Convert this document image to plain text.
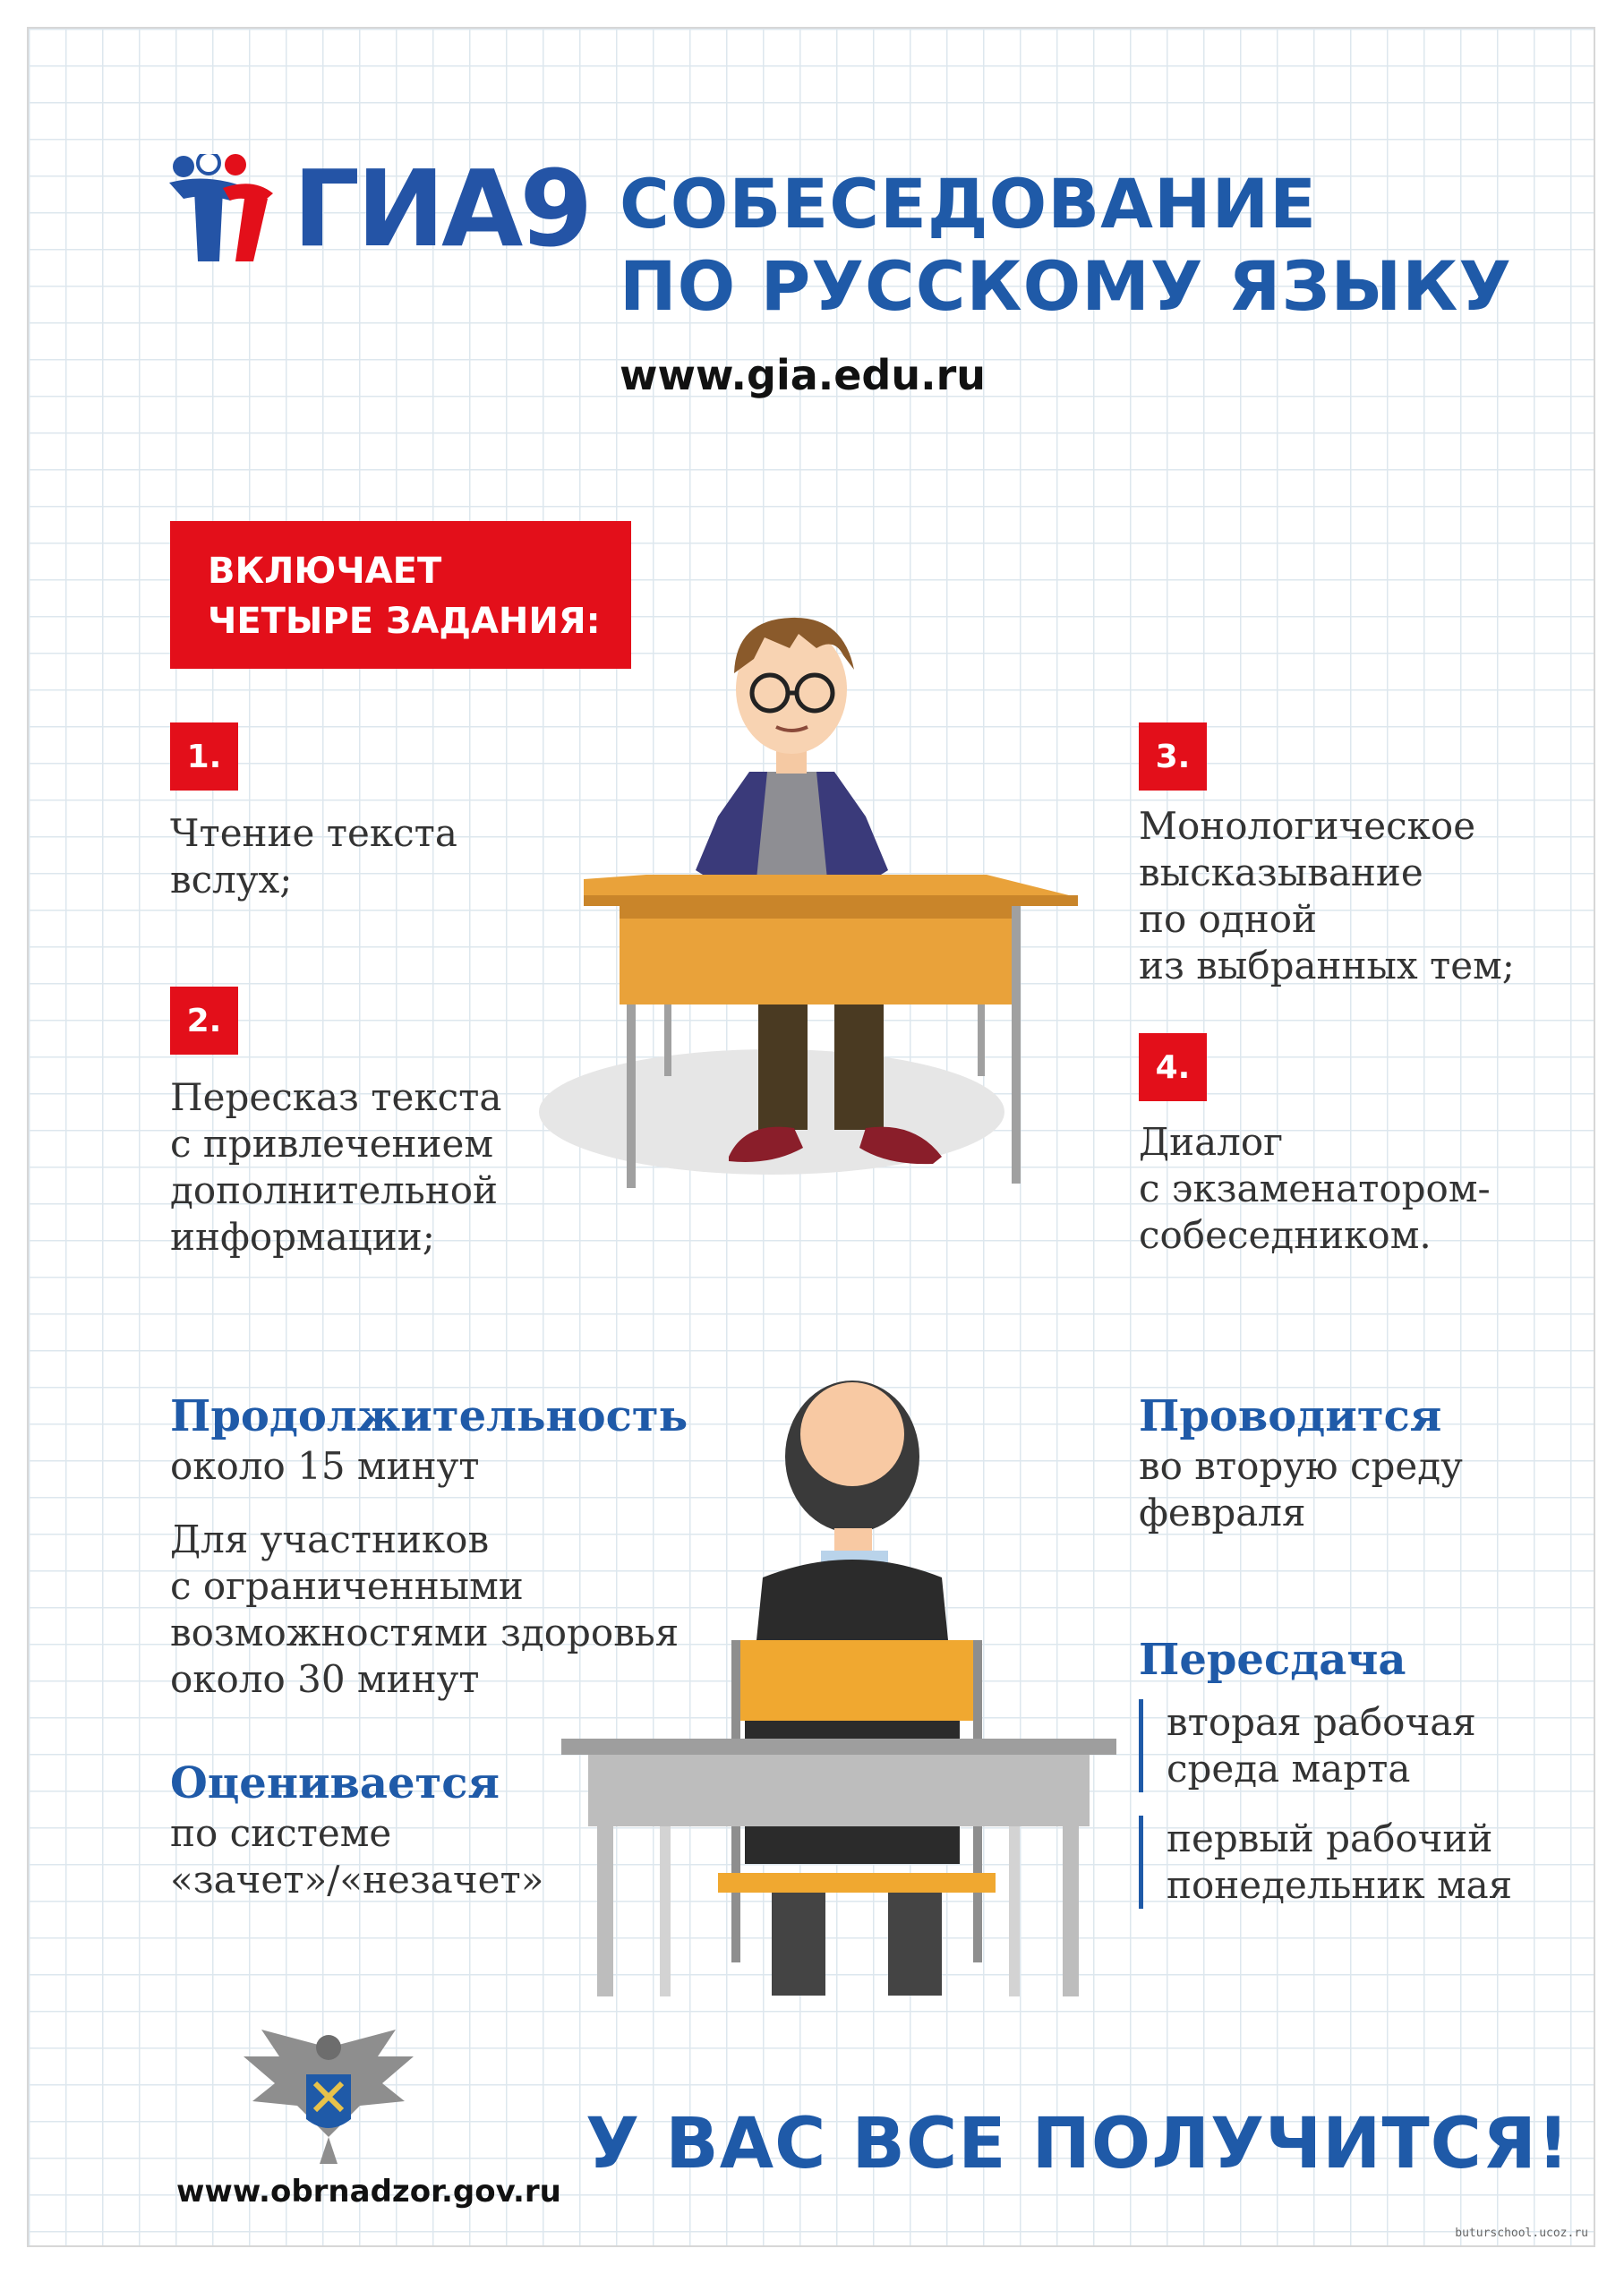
ГИА9 СОБЕСЕДОВАНИЕ
ПО РУССКОМУ ЯЗЫКУ
www.gia.edu.ru
ВКЛЮЧАЕТ
ЧЕТЫРЕ ЗАДАНИЯ:
1.
Чтение текста
вслух;
2.
Пересказ текста
с привлечением
дополнительной
информации;
3.
Монологическое
высказывание
по одной
из выбранных тем;
4.
Диалог
с экзаменатором-
собеседником.
Продолжительность
около 15 минут
Для участников
с ограниченными
возможностями здоровья
около 30 минут
Оценивается
по системе
«зачет»/«незачет»
Проводится
во вторую среду
февраля
Пересдача
вторая рабочая
среда марта
первый рабочий
понедельник мая
www.obrnadzor.gov.ru
У ВАС ВСЕ ПОЛУЧИТСЯ!
buturschool.ucoz.ru
